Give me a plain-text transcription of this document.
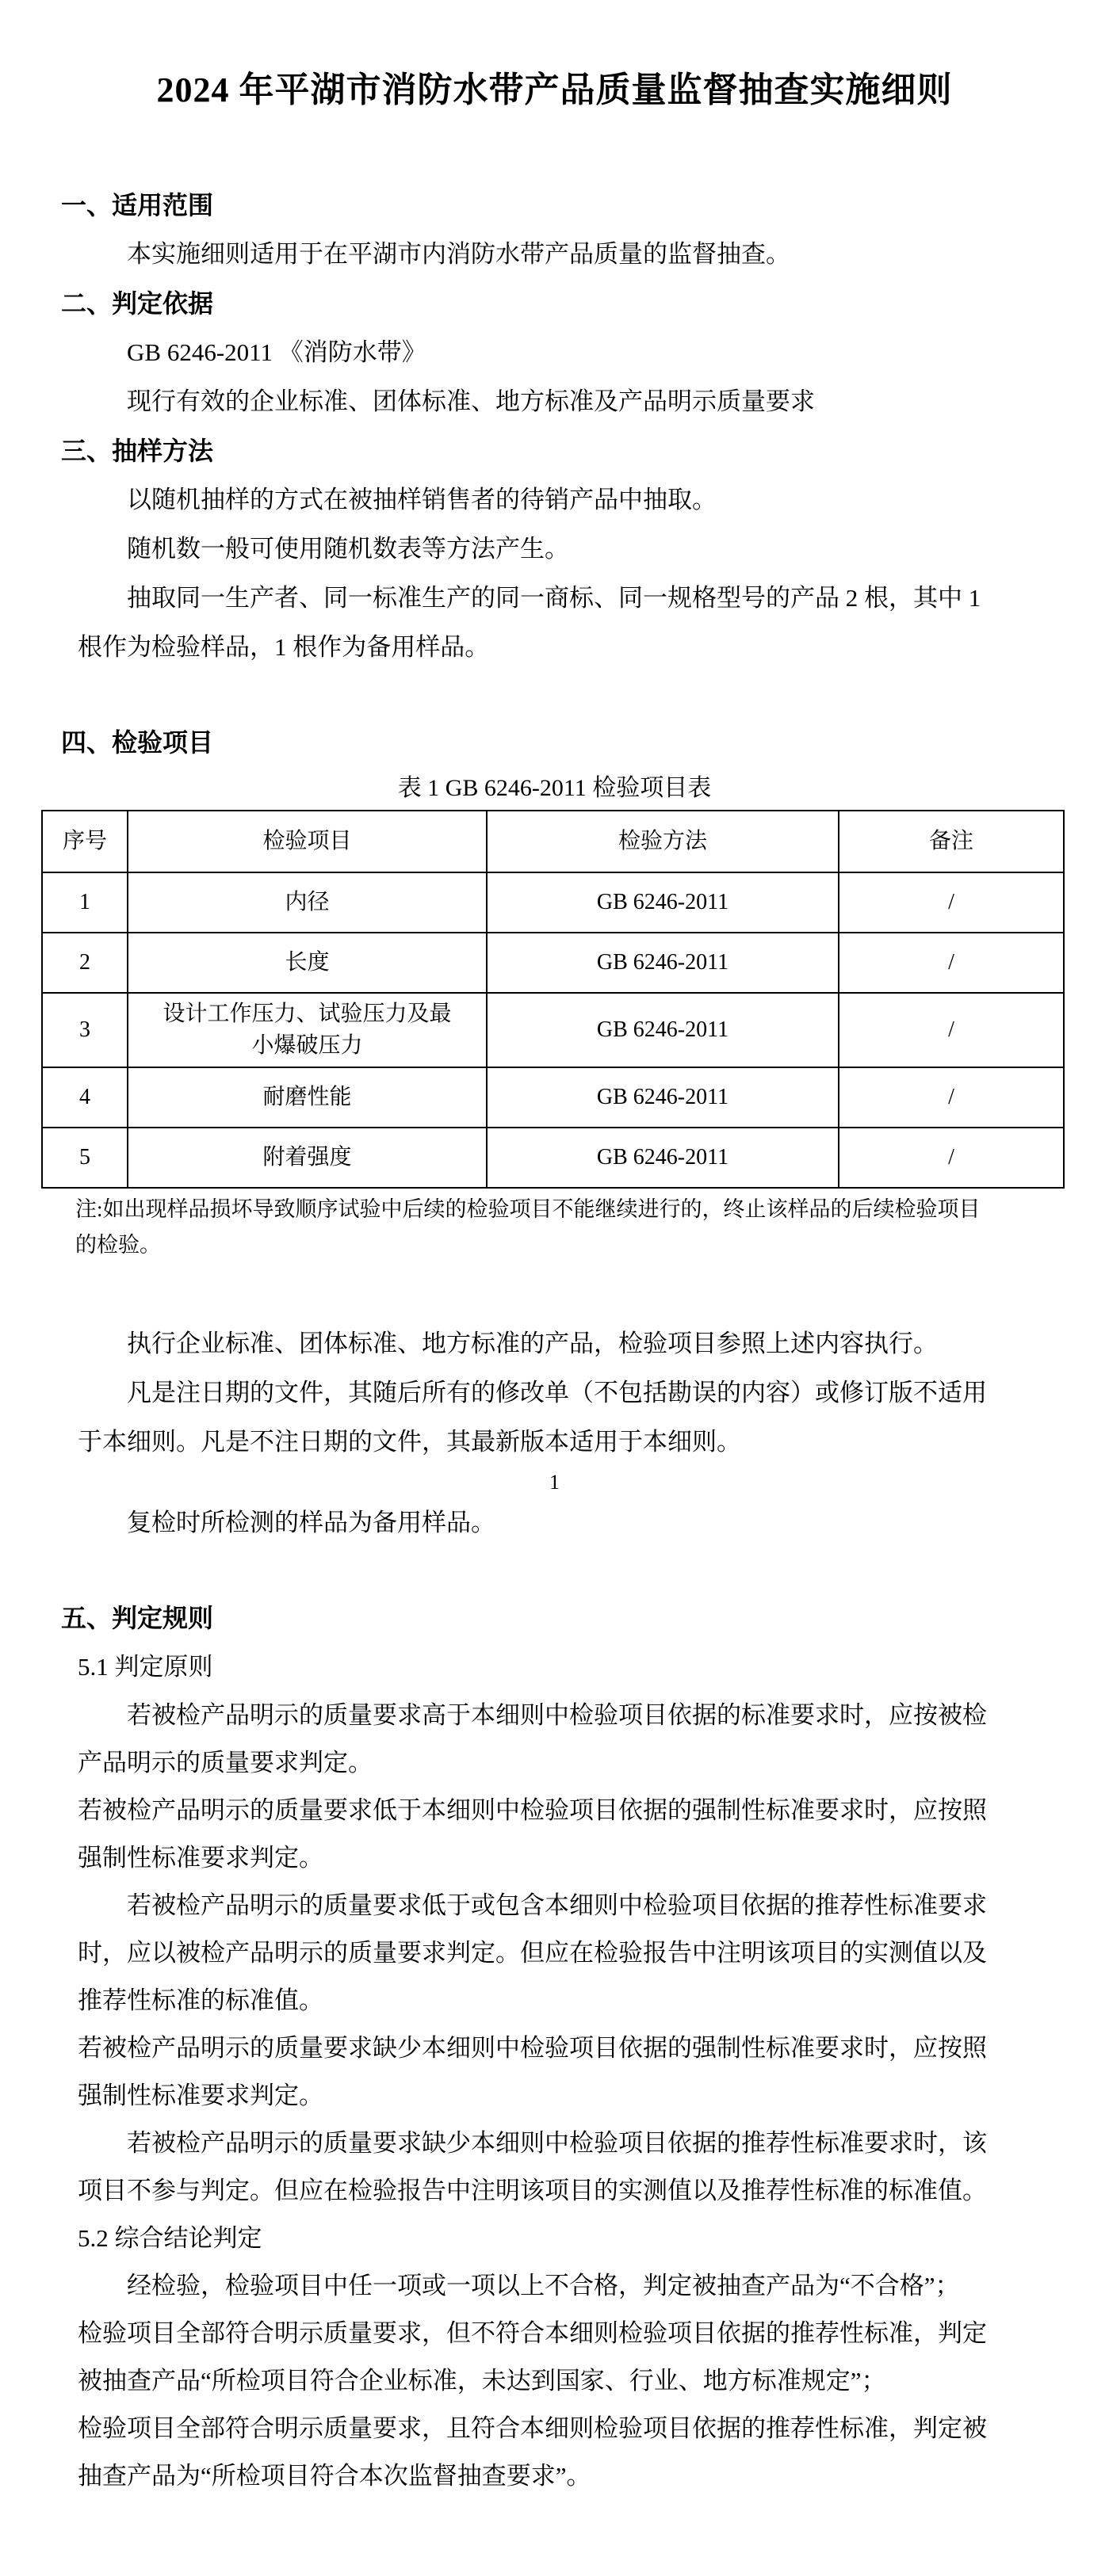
2024 年平湖市消防水带产品质量监督抽查实施细则
一、适用范围
本实施细则适用于在平湖市内消防水带产品质量的监督抽查。
二、判定依据
GB 6246-2011 《消防水带》
现行有效的企业标准、团体标准、地方标准及产品明示质量要求
三、抽样方法
以随机抽样的方式在被抽样销售者的待销产品中抽取。
随机数一般可使用随机数表等方法产生。
抽取同一生产者、同一标准生产的同一商标、同一规格型号的产品 2 根，其中 1
根作为检验样品，1 根作为备用样品。
四、检验项目
表 1 GB 6246-2011 检验项目表
序号	检验项目	检验方法	备注
1	内径	GB 6246-2011	/
2	长度	GB 6246-2011	/
3	设计工作压力、试验压力及最小爆破压力	GB 6246-2011	/
4	耐磨性能	GB 6246-2011	/
5	附着强度	GB 6246-2011	/
注:如出现样品损坏导致顺序试验中后续的检验项目不能继续进行的，终止该样品的后续检验项目
的检验。
执行企业标准、团体标准、地方标准的产品，检验项目参照上述内容执行。
凡是注日期的文件，其随后所有的修改单（不包括勘误的内容）或修订版不适用
于本细则。凡是不注日期的文件，其最新版本适用于本细则。
1
复检时所检测的样品为备用样品。
五、判定规则
5.1 判定原则
若被检产品明示的质量要求高于本细则中检验项目依据的标准要求时，应按被检
产品明示的质量要求判定。
若被检产品明示的质量要求低于本细则中检验项目依据的强制性标准要求时，应按照
强制性标准要求判定。
若被检产品明示的质量要求低于或包含本细则中检验项目依据的推荐性标准要求
时，应以被检产品明示的质量要求判定。但应在检验报告中注明该项目的实测值以及
推荐性标准的标准值。
若被检产品明示的质量要求缺少本细则中检验项目依据的强制性标准要求时，应按照
强制性标准要求判定。
若被检产品明示的质量要求缺少本细则中检验项目依据的推荐性标准要求时，该
项目不参与判定。但应在检验报告中注明该项目的实测值以及推荐性标准的标准值。
5.2 综合结论判定
经检验，检验项目中任一项或一项以上不合格，判定被抽查产品为“不合格”；
检验项目全部符合明示质量要求，但不符合本细则检验项目依据的推荐性标准，判定
被抽查产品“所检项目符合企业标准，未达到国家、行业、地方标准规定”；
检验项目全部符合明示质量要求，且符合本细则检验项目依据的推荐性标准，判定被
抽查产品为“所检项目符合本次监督抽查要求”。
